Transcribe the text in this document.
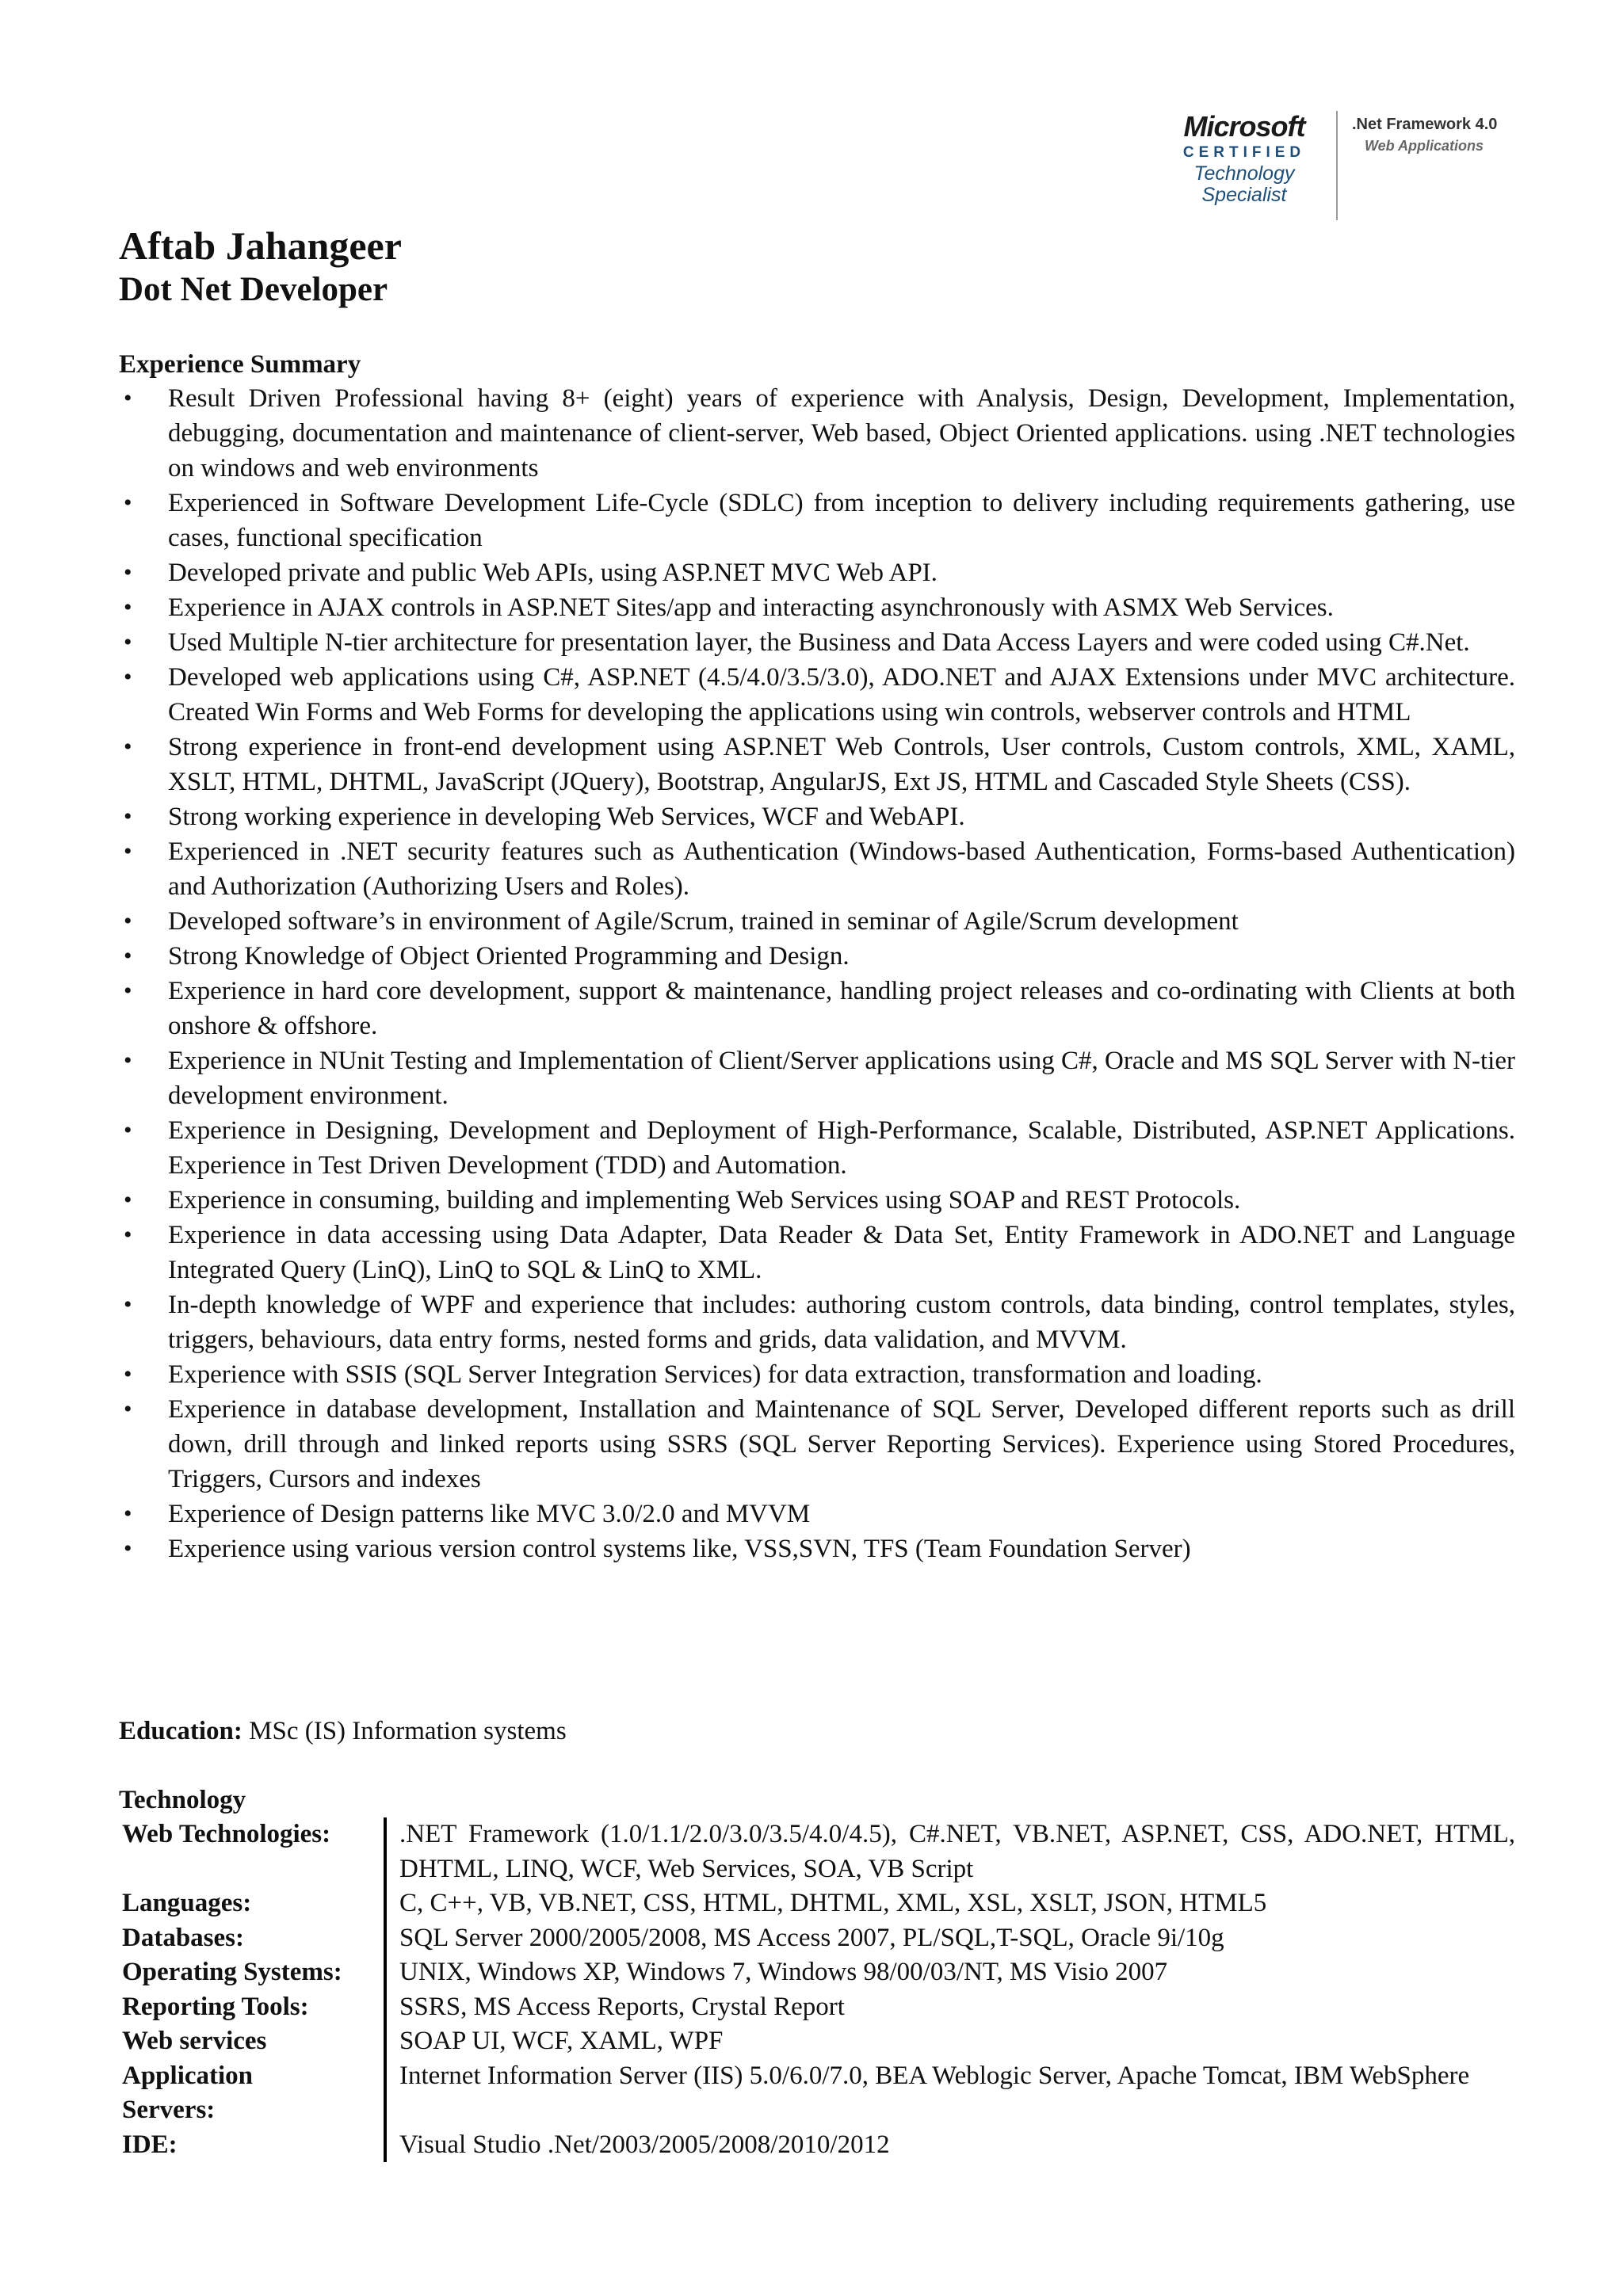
Microsoft
CERTIFIED
Technology
Specialist
.Net Framework 4.0
Web Applications
Aftab Jahangeer
Dot Net Developer
Experience Summary
• Result Driven Professional having 8+ (eight) years of experience with Analysis, Design, Development, Implementation, debugging, documentation and maintenance of client-server, Web based, Object Oriented applications. using .NET technologies on windows and web environments
• Experienced in Software Development Life-Cycle (SDLC) from inception to delivery including requirements gathering, use cases, functional specification
• Developed private and public Web APIs, using ASP.NET MVC Web API.
• Experience in AJAX controls in ASP.NET Sites/app and interacting asynchronously with ASMX Web Services.
• Used Multiple N-tier architecture for presentation layer, the Business and Data Access Layers and were coded using C#.Net.
• Developed web applications using C#, ASP.NET (4.5/4.0/3.5/3.0), ADO.NET and AJAX Extensions under MVC architecture. Created Win Forms and Web Forms for developing the applications using win controls, webserver controls and HTML
• Strong experience in front-end development using ASP.NET Web Controls, User controls, Custom controls, XML, XAML, XSLT, HTML, DHTML, JavaScript (JQuery), Bootstrap, AngularJS, Ext JS, HTML and Cascaded Style Sheets (CSS).
• Strong working experience in developing Web Services, WCF and WebAPI.
• Experienced in .NET security features such as Authentication (Windows-based Authentication, Forms-based Authentication) and Authorization (Authorizing Users and Roles).
• Developed software’s in environment of Agile/Scrum, trained in seminar of Agile/Scrum development
• Strong Knowledge of Object Oriented Programming and Design.
• Experience in hard core development, support & maintenance, handling project releases and co-ordinating with Clients at both onshore & offshore.
• Experience in NUnit Testing and Implementation of Client/Server applications using C#, Oracle and MS SQL Server with N-tier development environment.
• Experience in Designing, Development and Deployment of High-Performance, Scalable, Distributed, ASP.NET Applications. Experience in Test Driven Development (TDD) and Automation.
• Experience in consuming, building and implementing Web Services using SOAP and REST Protocols.
• Experience in data accessing using Data Adapter, Data Reader & Data Set, Entity Framework in ADO.NET and Language Integrated Query (LinQ), LinQ to SQL & LinQ to XML.
• In-depth knowledge of WPF and experience that includes: authoring custom controls, data binding, control templates, styles, triggers, behaviours, data entry forms, nested forms and grids, data validation, and MVVM.
• Experience with SSIS (SQL Server Integration Services) for data extraction, transformation and loading.
• Experience in database development, Installation and Maintenance of SQL Server, Developed different reports such as drill down, drill through and linked reports using SSRS (SQL Server Reporting Services). Experience using Stored Procedures, Triggers, Cursors and indexes
• Experience of Design patterns like MVC 3.0/2.0 and MVVM
• Experience using various version control systems like, VSS,SVN, TFS (Team Foundation Server)
Education: MSc (IS) Information systems
Technology
Web Technologies:	.NET Framework (1.0/1.1/2.0/3.0/3.5/4.0/4.5), C#.NET, VB.NET, ASP.NET, CSS, ADO.NET, HTML, DHTML, LINQ, WCF, Web Services, SOA, VB Script
Languages:	C, C++, VB, VB.NET, CSS, HTML, DHTML, XML, XSL, XSLT, JSON, HTML5
Databases:	SQL Server 2000/2005/2008, MS Access 2007, PL/SQL,T-SQL, Oracle 9i/10g
Operating Systems:	UNIX, Windows XP, Windows 7, Windows 98/00/03/NT, MS Visio 2007
Reporting Tools:	SSRS, MS Access Reports, Crystal Report
Web services	SOAP UI, WCF, XAML, WPF
Application Servers:	Internet Information Server (IIS) 5.0/6.0/7.0, BEA Weblogic Server, Apache Tomcat, IBM WebSphere
IDE:	Visual Studio .Net/2003/2005/2008/2010/2012
